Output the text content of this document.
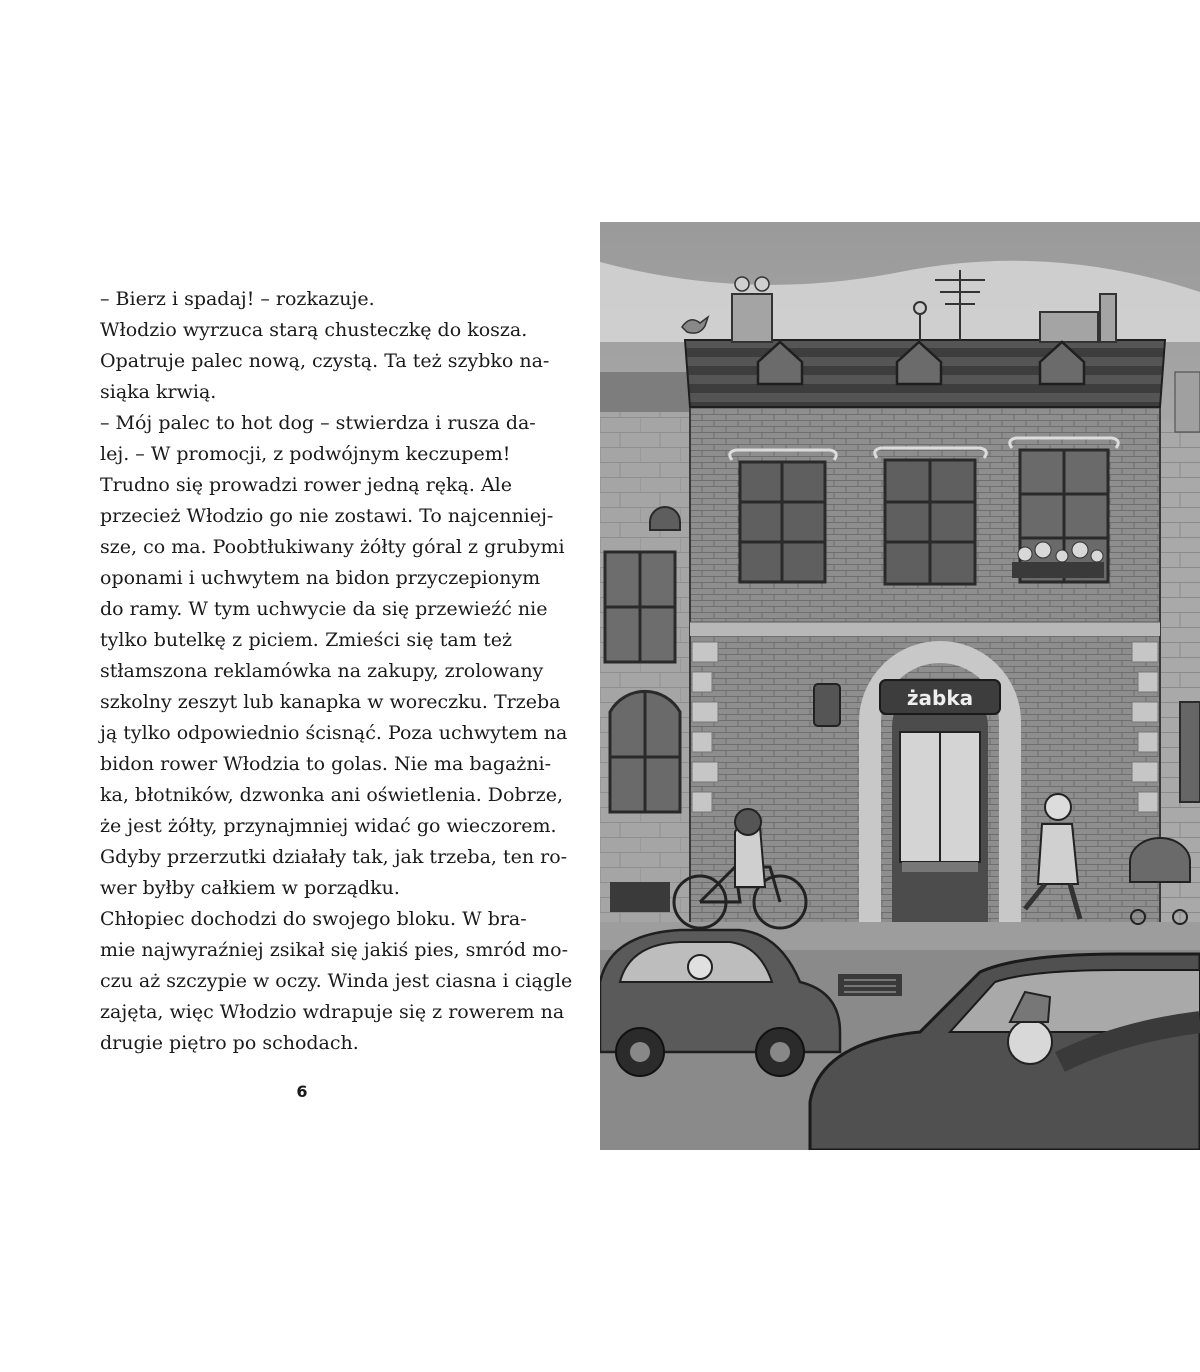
– Bierz i spadaj! – rozkazuje.
Włodzio wyrzuca starą chusteczkę do kosza.
Opatruje palec nową, czystą. Ta też szybko na-
siąka krwią.
– Mój palec to hot dog – stwierdza i rusza da-
lej. – W promocji, z podwójnym keczupem!
Trudno się prowadzi rower jedną ręką. Ale
przecież Włodzio go nie zostawi. To najcenniej-
sze, co ma. Poobtłukiwany żółty góral z grubymi
oponami i uchwytem na bidon przyczepionym
do ramy. W tym uchwycie da się przewieźć nie
tylko butelkę z piciem. Zmieści się tam też
stłamszona reklamówka na zakupy, zrolowany
szkolny zeszyt lub kanapka w woreczku. Trzeba
ją tylko odpowiednio ścisnąć. Poza uchwytem na
bidon rower Włodzia to golas. Nie ma bagażni-
ka, błotników, dzwonka ani oświetlenia. Dobrze,
że jest żółty, przynajmniej widać go wieczorem.
Gdyby przerzutki działały tak, jak trzeba, ten ro-
wer byłby całkiem w porządku.
Chłopiec dochodzi do swojego bloku. W bra-
mie najwyraźniej zsikał się jakiś pies, smród mo-
czu aż szczypie w oczy. Winda jest ciasna i ciągle
zajęta, więc Włodzio wdrapuje się z rowerem na
drugie piętro po schodach.
6
żabka
